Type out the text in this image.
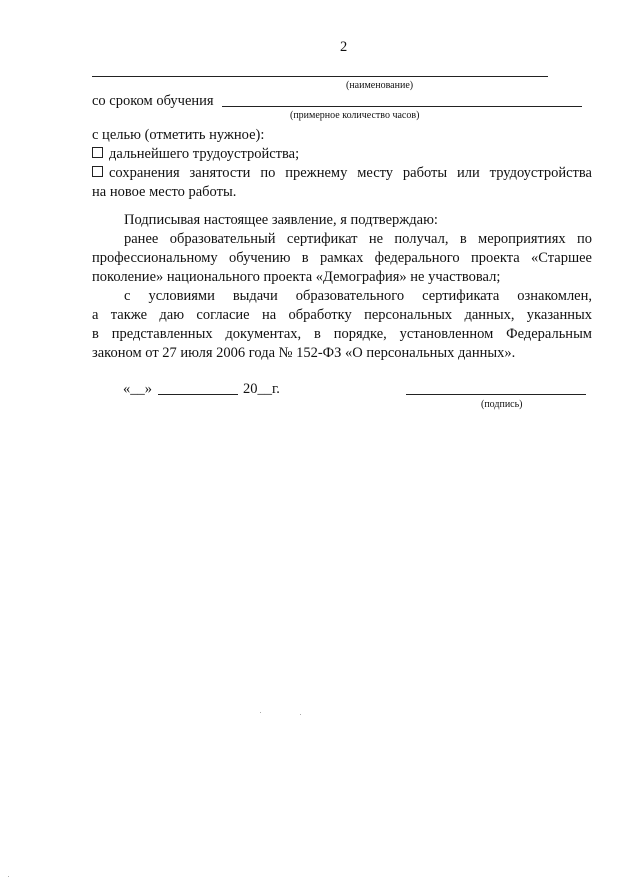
2
(наименование)
со сроком обучения
(примерное количество часов)
с целью (отметить нужное):
дальнейшего трудоустройства;
сохранения занятости по прежнему месту работы или трудоустройства
на новое место работы.
Подписывая настоящее заявление, я подтверждаю:
ранее образовательный сертификат не получал, в мероприятиях по
профессиональному обучению в рамках федерального проекта «Старшее
поколение» национального проекта «Демография» не участвовал;
с условиями выдачи образовательного сертификата ознакомлен,
а также даю согласие на обработку персональных данных, указанных
в представленных документах, в порядке, установленном Федеральным
законом от 27 июля 2006 года № 152-ФЗ «О персональных данных».
«__»	20__г.
(подпись)
